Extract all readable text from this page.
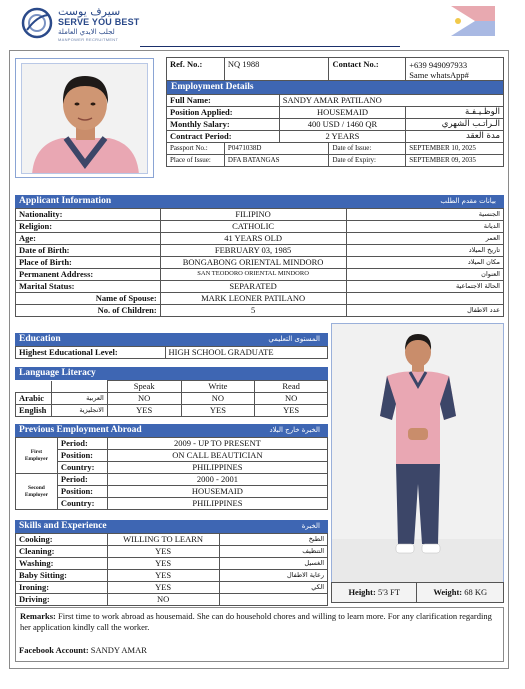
سيرف يوست
SERVE YOU BEST
لجلب الايدي العاملة
MANPOWER RECRUITMENT
Ref. No.:	NQ 1988		Contact No.:	+639 949097933
Same whatsApp#

Employment Details				

Full Name:		SANDY AMAR PATILANO		
Position Applied:		HOUSEMAID		الوظـيـفـة
Monthly Salary:		400 USD / 1460 QR		الـراتـب الشهري
Contract Period:		2 YEARS		مدة العقد
Passport No.:	P0471038D		Date of Issue:	SEPTEMBER 10, 2025
Place of Issue:	DFA BATANGAS		Date of Expiry:	SEPTEMBER 09, 2035
Applicant Information	بيانات مقدم الطلب
Nationality:	FILIPINO	الجنسية
Religion:	CATHOLIC	الديانة
Age:	41 YEARS OLD	العمر
Date of Birth:	FEBRUARY 03, 1985	تاريخ الميلاد
Place of Birth:	BONGABONG ORIENTAL MINDORO	مكان الميلاد
Permanent Address:	SAN TEODORO ORIENTAL MINDORO	العنوان
Marital Status:	SEPARATED	الحالة الاجتماعية
Name of Spouse:	MARK LEONER PATILANO	
No. of Children:	5	عدد الاطفال
Education	المستوى التعليمي
Highest Educational Level:	HIGH SCHOOL GRADUATE
Language Literacy
		Speak	Write	Read
Arabic	العربية	NO	NO	NO
English	الانجليزية	YES	YES	YES
Previous Employment Abroad	الخبرة خارج البلاد
First Employer	Period:	2009 - UP TO PRESENT
	Position:	ON CALL BEAUTICIAN
	Country:	PHILIPPINES
Second Employer	Period:	2000 - 2001
	Position:	HOUSEMAID
	Country:	PHILIPPINES
Skills and Experience	الخبرة
Cooking:	WILLING TO LEARN	الطبخ
Cleaning:	YES	التنظيف
Washing:	YES	الغسيل
Baby Sitting:	YES	رعاية الاطفال
Ironing:	YES	الكي
Driving:	NO	
Height: 5'3 FT	Weight: 68 KG
Remarks: First time to work abroad as housemaid. She can do household chores and willing to learn more. For any clarification regarding her application kindly call the worker.
Facebook Account: SANDY AMAR
